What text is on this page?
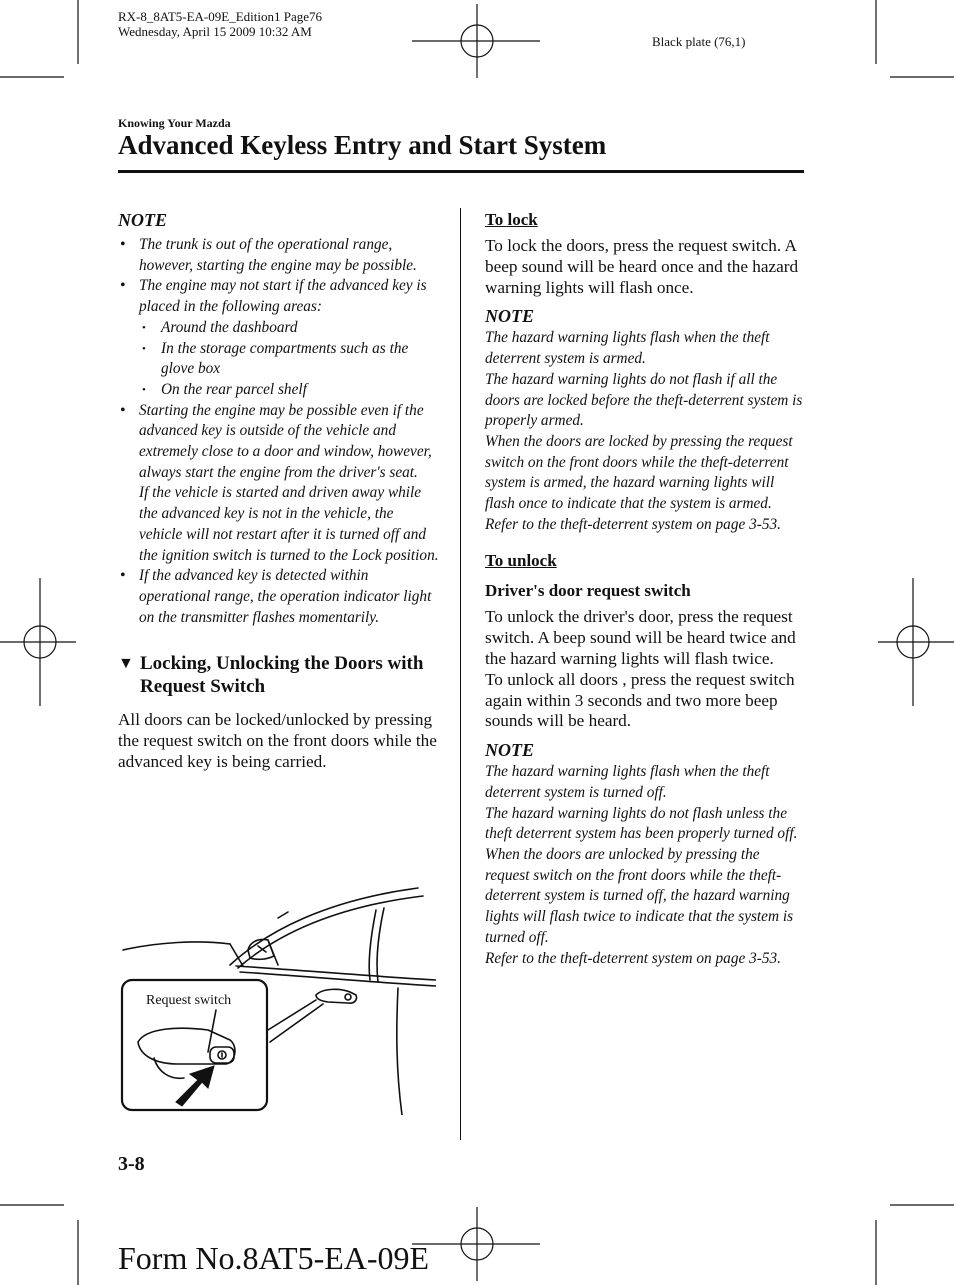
RX-8_8AT5-EA-09E_Edition1 Page76
Wednesday, April 15 2009 10:32 AM
Black plate (76,1)
Knowing Your Mazda
Advanced Keyless Entry and Start System
NOTE
• The trunk is out of the operational range, however, starting the engine may be possible.
• The engine may not start if the advanced key is placed in the following areas:
• Around the dashboard
• In the storage compartments such as the glove box
• On the rear parcel shelf
• Starting the engine may be possible even if the advanced key is outside of the vehicle and extremely close to a door and window, however, always start the engine from the driver's seat.
If the vehicle is started and driven away while the advanced key is not in the vehicle, the vehicle will not restart after it is turned off and the ignition switch is turned to the Lock position.
• If the advanced key is detected within operational range, the operation indicator light on the transmitter flashes momentarily.
▼ Locking, Unlocking the Doors with Request Switch

All doors can be locked/unlocked by pressing the request switch on the front doors while the advanced key is being carried.

Request switch
To lock

To lock the doors, press the request switch. A beep sound will be heard once and the hazard warning lights will flash once.

NOTE

The hazard warning lights flash when the theft deterrent system is armed.

The hazard warning lights do not flash if all the doors are locked before the theft-deterrent system is properly armed.

When the doors are locked by pressing the request switch on the front doors while the theft-deterrent system is armed, the hazard warning lights will flash once to indicate that the system is armed.

Refer to the theft-deterrent system on page 3-53.

To unlock
Driver's door request switch

To unlock the driver's door, press the request switch. A beep sound will be heard twice and the hazard warning lights will flash twice.

To unlock all doors , press the request switch again within 3 seconds and two more beep sounds will be heard.

NOTE

The hazard warning lights flash when the theft deterrent system is turned off.

The hazard warning lights do not flash unless the theft deterrent system has been properly turned off.

When the doors are unlocked by pressing the request switch on the front doors while the theft-deterrent system is turned off, the hazard warning lights will flash twice to indicate that the system is turned off.

Refer to the theft-deterrent system on page 3-53.

3-8
Form No.8AT5-EA-09E
